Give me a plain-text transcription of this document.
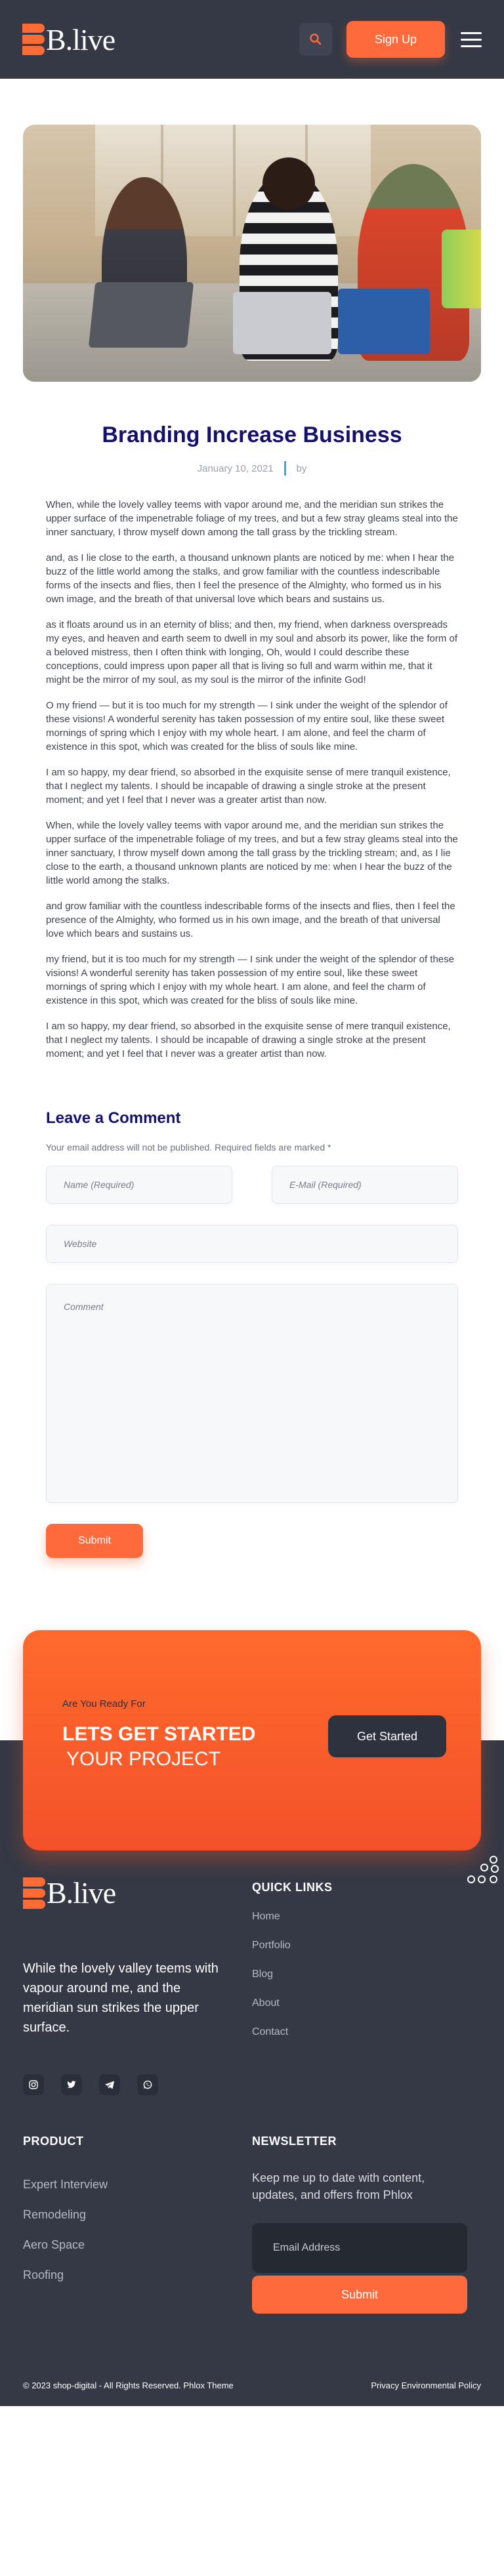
B.live	Sign Up
Branding Increase Business
January 10, 2021 by

When, while the lovely valley teems with vapor around me, and the meridian sun strikes the upper surface of the impenetrable foliage of my trees, and but a few stray gleams steal into the inner sanctuary, I throw myself down among the tall grass by the trickling stream.

and, as I lie close to the earth, a thousand unknown plants are noticed by me: when I hear the buzz of the little world among the stalks, and grow familiar with the countless indescribable forms of the insects and flies, then I feel the presence of the Almighty, who formed us in his own image, and the breath of that universal love which bears and sustains us.

as it floats around us in an eternity of bliss; and then, my friend, when darkness overspreads my eyes, and heaven and earth seem to dwell in my soul and absorb its power, like the form of a beloved mistress, then I often think with longing, Oh, would I could describe these conceptions, could impress upon paper all that is living so full and warm within me, that it might be the mirror of my soul, as my soul is the mirror of the infinite God!

O my friend — but it is too much for my strength — I sink under the weight of the splendor of these visions! A wonderful serenity has taken possession of my entire soul, like these sweet mornings of spring which I enjoy with my whole heart. I am alone, and feel the charm of existence in this spot, which was created for the bliss of souls like mine.

I am so happy, my dear friend, so absorbed in the exquisite sense of mere tranquil existence, that I neglect my talents. I should be incapable of drawing a single stroke at the present moment; and yet I feel that I never was a greater artist than now.

When, while the lovely valley teems with vapor around me, and the meridian sun strikes the upper surface of the impenetrable foliage of my trees, and but a few stray gleams steal into the inner sanctuary, I throw myself down among the tall grass by the trickling stream; and, as I lie close to the earth, a thousand unknown plants are noticed by me: when I hear the buzz of the little world among the stalks.

and grow familiar with the countless indescribable forms of the insects and flies, then I feel the presence of the Almighty, who formed us in his own image, and the breath of that universal love which bears and sustains us.

my friend, but it is too much for my strength — I sink under the weight of the splendor of these visions! A wonderful serenity has taken possession of my entire soul, like these sweet mornings of spring which I enjoy with my whole heart. I am alone, and feel the charm of existence in this spot, which was created for the bliss of souls like mine.

I am so happy, my dear friend, so absorbed in the exquisite sense of mere tranquil existence, that I neglect my talents. I should be incapable of drawing a single stroke at the present moment; and yet I feel that I never was a greater artist than now.

Leave a Comment
Your email address will not be published. Required fields are marked *
Name (Required)	E-Mail (Required)
Website
Comment
Submit
Are You Ready For
LETS GET STARTED
YOUR PROJECT
Get Started
B.live
While the lovely valley teems with vapour around me, and the meridian sun strikes the upper surface.
QUICK LINKS
Home
Portfolio
Blog
About
Contact
PRODUCT
Expert Interview
Remodeling
Aero Space
Roofing
NEWSLETTER
Keep me up to date with content, updates, and offers from Phlox
Email Address
Submit
© 2023 shop-digital - All Rights Reserved. Phlox Theme	Privacy Environmental Policy
